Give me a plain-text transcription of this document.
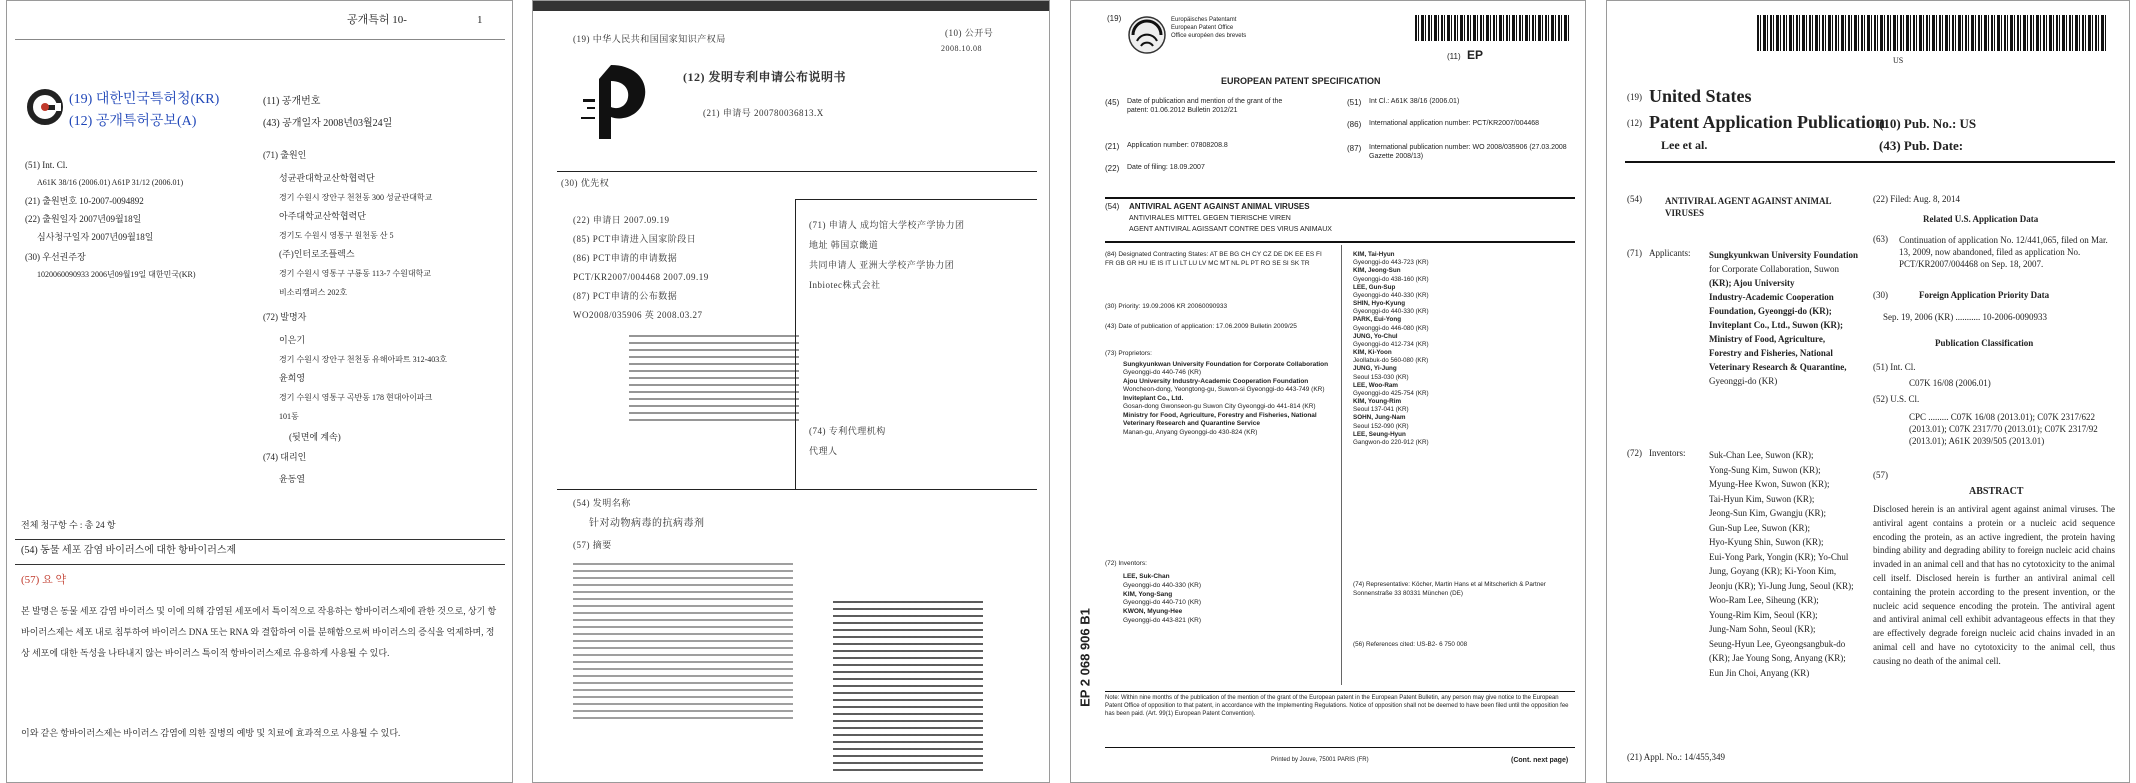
공개특허 10-	1
(19) 대한민국특허청(KR)
(12) 공개특허공보(A)
(11) 공개번호
(43) 공개일자 2008년03월24일
(51) Int. Cl.
A61K 38/16 (2006.01) A61P 31/12 (2006.01)
(21) 출원번호 10-2007-0094892
(22) 출원일자 2007년09월18일
심사청구일자 2007년09월18일
(30) 우선권주장
1020060090933 2006년09월19일 대한민국(KR)
(71) 출원인
성균관대학교산학협력단
경기 수원시 장안구 천천동 300 성균관대학교
아주대학교산학협력단
경기도 수원시 영통구 원천동 산 5
(주)인터로조플렉스
경기 수원시 영통구 구룡동 113-7 수원대학교
비소리캠퍼스 202호
(72) 발명자
이은기
경기 수원시 장안구 천천동 유해아파트 312-403호
윤희영
경기 수원시 영통구 곡반동 178 현대아이파크
101동
(뒷면에 계속)
(74) 대리인
윤동열
전체 청구항 수 : 총 24 항
(54) 동물 세포 감염 바이러스에 대한 항바이러스제
(57) 요 약
본 발명은 동물 세포 감염 바이러스 및 이에 의해 감염된 세포에서 특이적으로 작용하는 항바이러스제에 관한 것으로, 상기 항바이러스제는 세포 내로 침투하여 바이러스 DNA 또는 RNA 와 결합하여 이를 분해함으로써 바이러스의 증식을 억제하며, 정상 세포에 대한 독성을 나타내지 않는 바이러스 특이적 항바이러스제로 유용하게 사용될 수 있다.
이와 같은 항바이러스제는 바이러스 감염에 의한 질병의 예방 및 치료에 효과적으로 사용될 수 있다.
(19) 中华人民共和国国家知识产权局
(10) 公开号
2008.10.08
(12) 发明专利申请公布说明书
(21) 申请号 200780036813.X
(30) 优先权
(22) 申请日 2007.09.19
(85) PCT申请进入国家阶段日
(86) PCT申请的申请数据
PCT/KR2007/004468 2007.09.19
(87) PCT申请的公布数据
WO2008/035906 英 2008.03.27
(71) 申请人 成均馆大学校产学协力团
地址 韩国京畿道
共同申请人 亚洲大学校产学协力团
Inbiotec株式会社
(74) 专利代理机构
代理人
(54) 发明名称
针对动物病毒的抗病毒剂
(57) 摘要
(19)	Europäisches Patentamt European Patent Office Office européen des brevets
(11) EP
EUROPEAN PATENT SPECIFICATION
(45) Date of publication and mention of the grant of the patent: 01.06.2012 Bulletin 2012/21
(21) Application number: 07808208.8
(22) Date of filing: 18.09.2007
(51) Int Cl.: A61K 38/16 (2006.01)
(86) International application number: PCT/KR2007/004468
(87) International publication number: WO 2008/035906 (27.03.2008 Gazette 2008/13)
(54) ANTIVIRAL AGENT AGAINST ANIMAL VIRUSES
ANTIVIRALES MITTEL GEGEN TIERISCHE VIREN
AGENT ANTIVIRAL AGISSANT CONTRE DES VIRUS ANIMAUX
(84) Designated Contracting States: AT BE BG CH CY CZ DE DK EE ES FI FR GB GR HU IE IS IT LI LT LU LV MC MT NL PL PT RO SE SI SK TR
(30) Priority: 19.09.2006 KR 20060090933
(43) Date of publication of application: 17.06.2009 Bulletin 2009/25
(73) Proprietors:
Sungkyunkwan University Foundation for Corporate Collaboration
Gyeonggi-do 440-746 (KR)
Ajou University Industry-Academic Cooperation Foundation
Woncheon-dong, Yeongtong-gu, Suwon-si Gyeonggi-do 443-749 (KR)
Inviteplant Co., Ltd.
Gosan-dong Gwonseon-gu Suwon City Gyeonggi-do 441-814 (KR)
Ministry for Food, Agriculture, Forestry and Fisheries, National Veterinary Research and Quarantine Service
Manan-gu, Anyang Gyeonggi-do 430-824 (KR)
(72) Inventors:
LEE, Suk-Chan
Gyeonggi-do 440-330 (KR)
KIM, Yong-Sang
Gyeonggi-do 440-710 (KR)
KWON, Myung-Hee
Gyeonggi-do 443-821 (KR)
KIM, Tai-Hyun
Gyeonggi-do 443-723 (KR)
KIM, Jeong-Sun
Gyeonggi-do 438-160 (KR)
LEE, Gun-Sup
Gyeonggi-do 440-330 (KR)
SHIN, Hyo-Kyung
Gyeonggi-do 440-330 (KR)
PARK, Eui-Yong
Gyeonggi-do 446-080 (KR)
JUNG, Yo-Chul
Gyeonggi-do 412-734 (KR)
KIM, Ki-Yoon
Jeollabuk-do 560-080 (KR)
JUNG, Yi-Jung
Seoul 153-030 (KR)
LEE, Woo-Ram
Gyeonggi-do 425-754 (KR)
KIM, Young-Rim
Seoul 137-041 (KR)
SOHN, Jung-Nam
Seoul 152-090 (KR)
LEE, Seung-Hyun
Gangwon-do 220-912 (KR)
(74) Representative: Köcher, Martin Hans et al Mitscherlich & Partner Sonnenstraße 33 80331 München (DE)
(56) References cited: US-B2- 6 750 008
Note: Within nine months of the publication of the mention of the grant of the European patent in the European Patent Bulletin, any person may give notice to the European Patent Office of opposition to that patent, in accordance with the Implementing Regulations. Notice of opposition shall not be deemed to have been filed until the opposition fee has been paid. (Art. 99(1) European Patent Convention).
Printed by Jouve, 75001 PARIS (FR)	(Cont. next page)
EP 2 068 906 B1
US
(19) United States
(12) Patent Application Publication
Lee et al.
(10) Pub. No.: US
(43) Pub. Date:
(54)	ANTIVIRAL AGENT AGAINST ANIMAL VIRUSES
(71) Applicants: Sungkyunkwan University Foundation
for Corporate Collaboration, Suwon
(KR); Ajou University
Industry-Academic Cooperation
Foundation, Gyeonggi-do (KR);
Inviteplant Co., Ltd., Suwon (KR);
Ministry of Food, Agriculture,
Forestry and Fisheries, National
Veterinary Research & Quarantine,
Gyeonggi-do (KR)
(72) Inventors:	Suk-Chan Lee, Suwon (KR);
Yong-Sung Kim, Suwon (KR);
Myung-Hee Kwon, Suwon (KR);
Tai-Hyun Kim, Suwon (KR);
Jeong-Sun Kim, Gwangju (KR);
Gun-Sup Lee, Suwon (KR);
Hyo-Kyung Shin, Suwon (KR);
Eui-Yong Park, Yongin (KR); Yo-Chul
Jung, Goyang (KR); Ki-Yoon Kim,
Jeonju (KR); Yi-Jung Jung, Seoul (KR);
Woo-Ram Lee, Siheung (KR);
Young-Rim Kim, Seoul (KR);
Jung-Nam Sohn, Seoul (KR);
Seung-Hyun Lee, Gyeongsangbuk-do
(KR); Jae Young Song, Anyang (KR);
Eun Jin Choi, Anyang (KR)
(21) Appl. No.: 14/455,349
(22) Filed: Aug. 8, 2014
Related U.S. Application Data
(63) Continuation of application No. 12/441,065, filed on Mar. 13, 2009, now abandoned, filed as application No. PCT/KR2007/004468 on Sep. 18, 2007.
(30)	Foreign Application Priority Data
Sep. 19, 2006 (KR) ........... 10-2006-0090933
Publication Classification
(51) Int. Cl.
C07K 16/08 (2006.01)
(52) U.S. Cl.
CPC ......... C07K 16/08 (2013.01); C07K 2317/622 (2013.01); C07K 2317/70 (2013.01); C07K 2317/92 (2013.01); A61K 2039/505 (2013.01)
(57)
ABSTRACT
Disclosed herein is an antiviral agent against animal viruses. The antiviral agent contains a protein or a nucleic acid sequence encoding the protein, as an active ingredient, the protein having binding ability and degrading ability to foreign nucleic acid chains invaded in an animal cell and that has no cytotoxicity to the animal cell itself. Disclosed herein is further an antiviral animal cell containing the protein according to the present invention, or the nucleic acid sequence encoding the protein. The antiviral agent and antiviral animal cell exhibit advantageous effects in that they are effectively degrade foreign nucleic acid chains invaded in an animal cell and have no cytotoxicity to the animal cell, thus causing no death of the animal cell.
